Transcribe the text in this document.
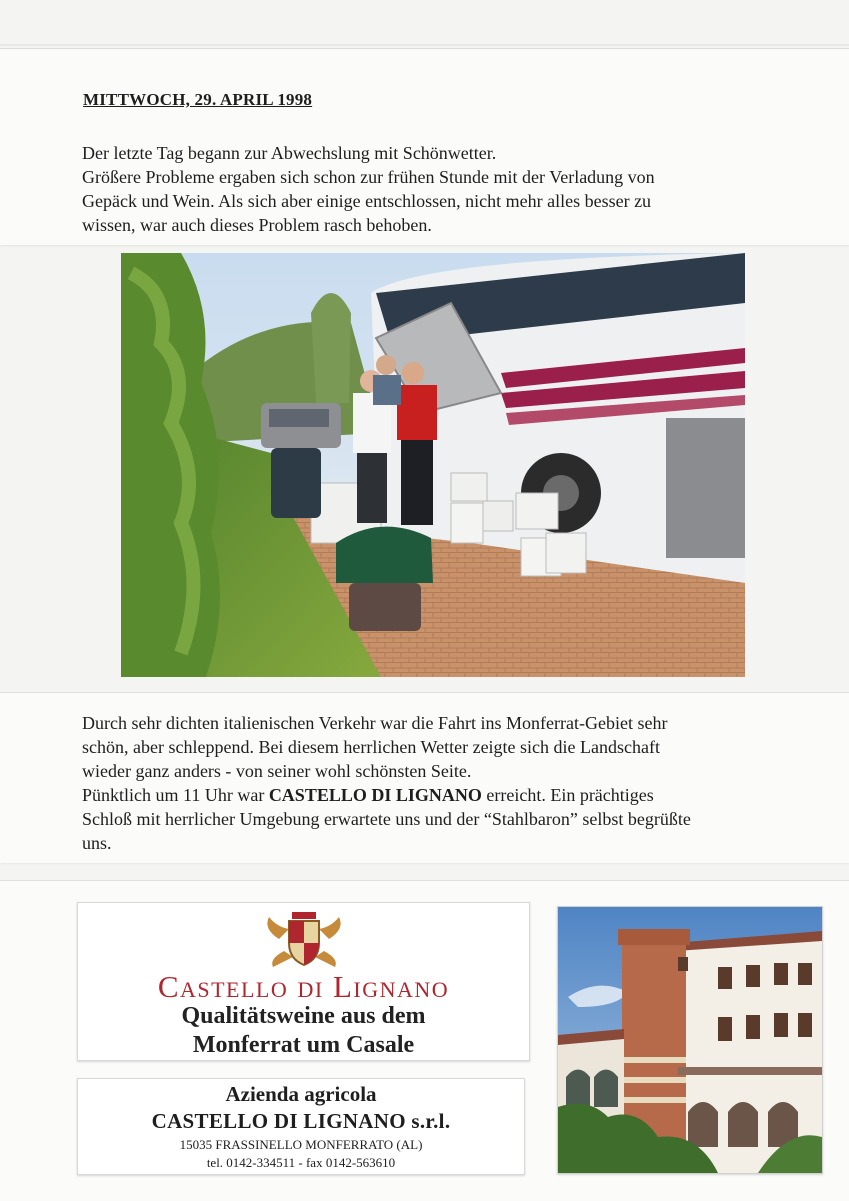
MITTWOCH, 29. APRIL 1998
Der letzte Tag begann zur Abwechslung mit Schönwetter.
Größere Probleme ergaben sich schon zur frühen Stunde mit der Verladung von
Gepäck und Wein. Als sich aber einige entschlossen, nicht mehr alles besser zu
wissen, war auch dieses Problem rasch behoben.
Durch sehr dichten italienischen Verkehr war die Fahrt ins Monferrat-Gebiet sehr
schön, aber schleppend. Bei diesem herrlichen Wetter zeigte sich die Landschaft
wieder ganz anders - von seiner wohl schönsten Seite.
Pünktlich um 11 Uhr war CASTELLO DI LIGNANO erreicht. Ein prächtiges
Schloß mit herrlicher Umgebung erwartete uns und der “Stahlbaron” selbst begrüßte
uns.
Castello di Lignano
Qualitätsweine aus dem
Monferrat um Casale
Azienda agricola
CASTELLO DI LIGNANO s.r.l.
15035 FRASSINELLO MONFERRATO (AL)
tel. 0142-334511 - fax 0142-563610
